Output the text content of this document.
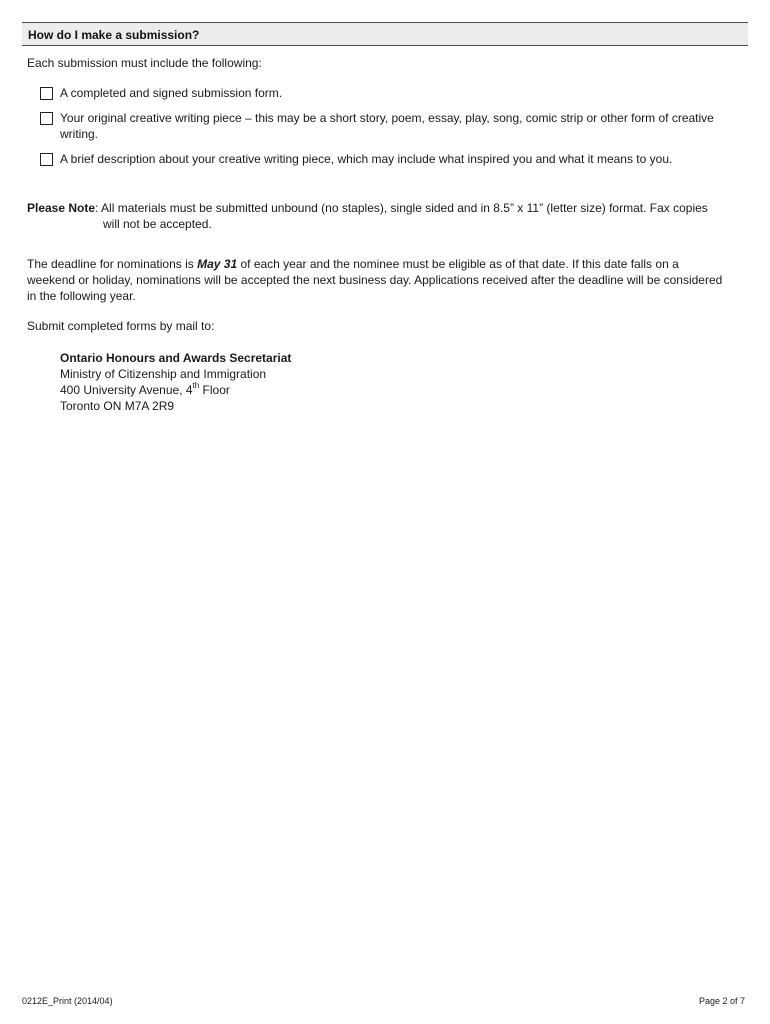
How do I make a submission?
Each submission must include the following:
A completed and signed submission form.
Your original creative writing piece – this may be a short story, poem, essay, play, song, comic strip or other form of creative writing.
A brief description about your creative writing piece, which may include what inspired you and what it means to you.
Please Note: All materials must be submitted unbound (no staples), single sided and in 8.5” x 11” (letter size) format. Fax copies
will not be accepted.
The deadline for nominations is May 31 of each year and the nominee must be eligible as of that date. If this date falls on a weekend or holiday, nominations will be accepted the next business day. Applications received after the deadline will be considered in the following year.
Submit completed forms by mail to:
Ontario Honours and Awards Secretariat
Ministry of Citizenship and Immigration
400 University Avenue, 4th Floor
Toronto ON M7A 2R9
0212E_Print (2014/04)	Page 2 of 7
